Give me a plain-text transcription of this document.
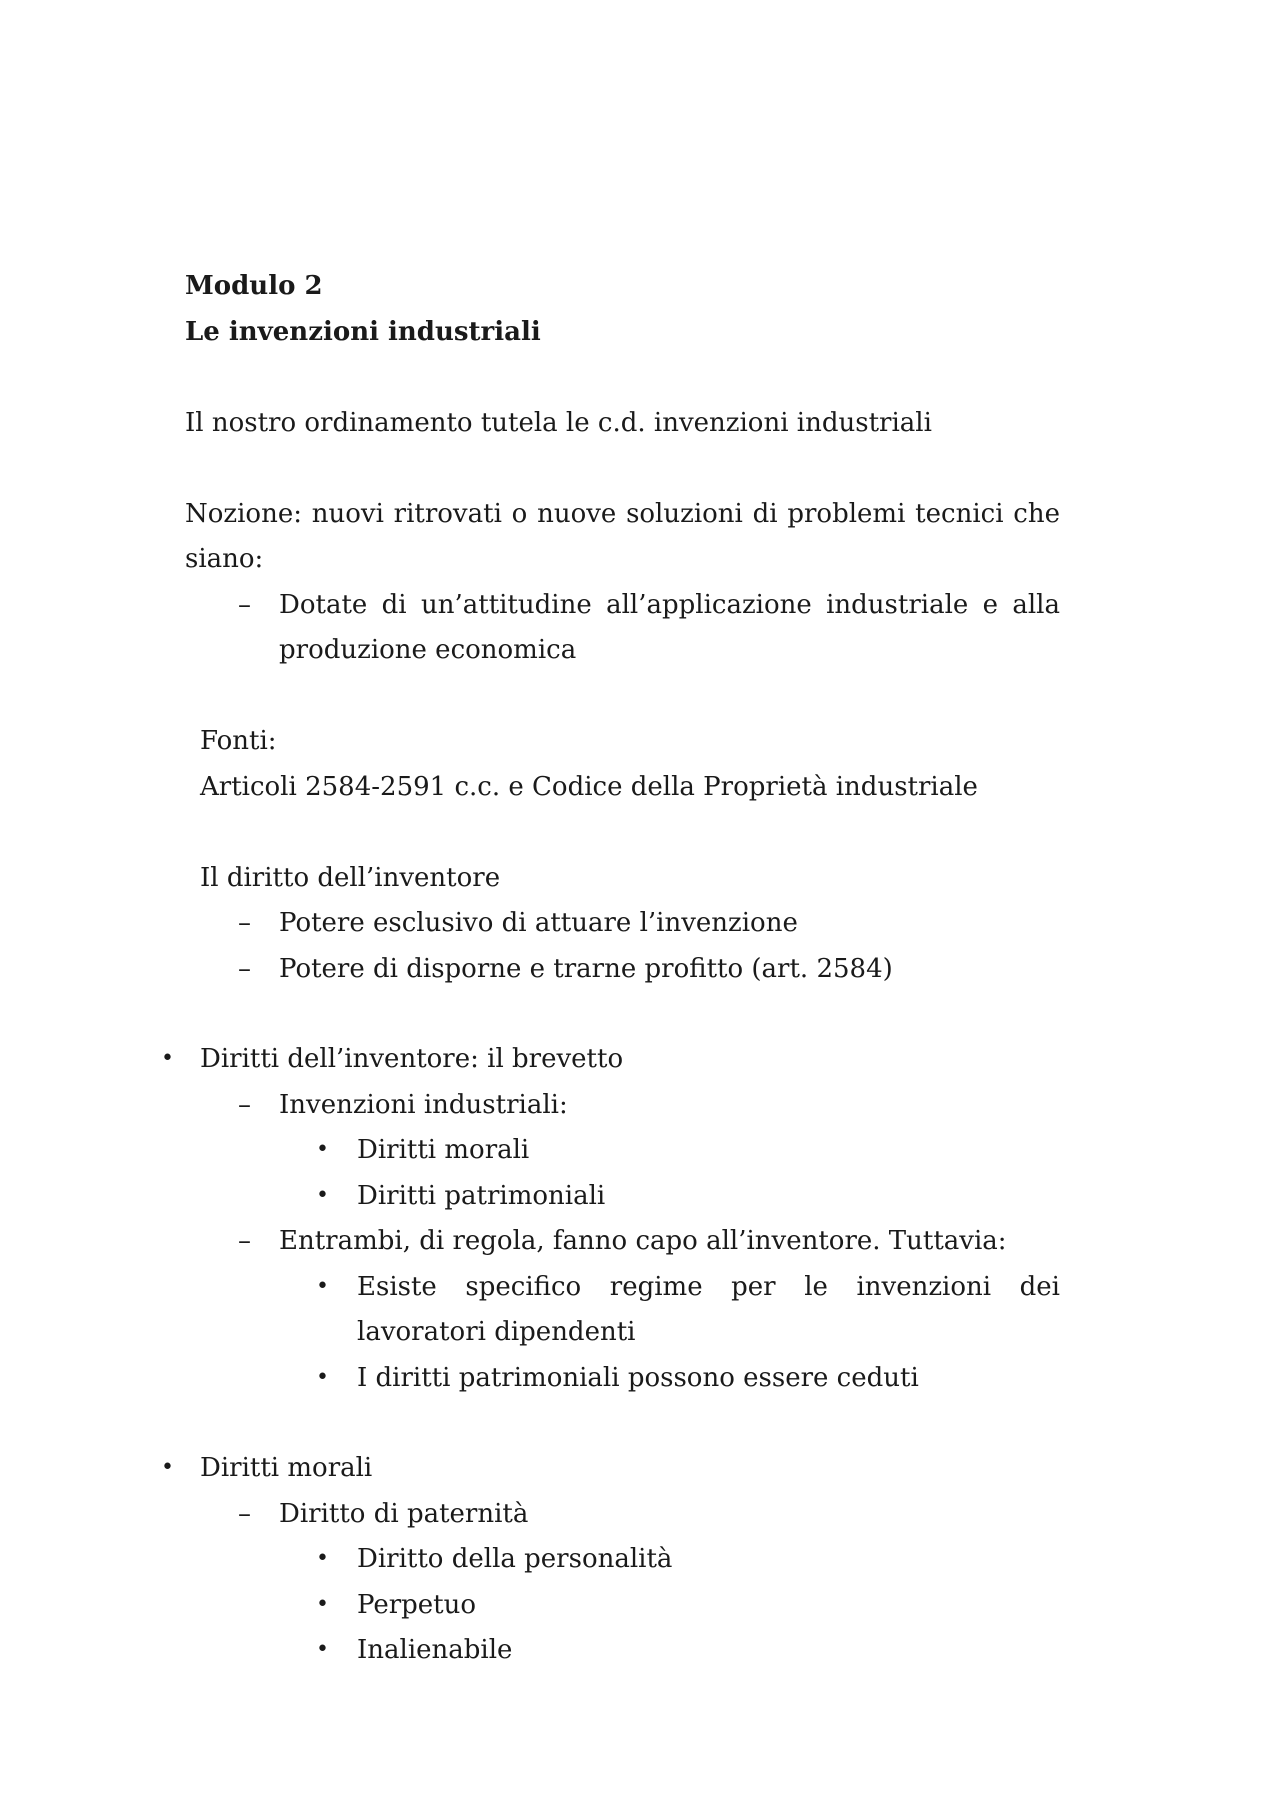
Modulo 2
Le invenzioni industriali
Il nostro ordinamento tutela le c.d. invenzioni industriali
Nozione: nuovi ritrovati o nuove soluzioni di problemi tecnici che
siano:
– Dotate di un’attitudine all’applicazione industriale e alla
produzione economica
Fonti:
Articoli 2584-2591 c.c. e Codice della Proprietà industriale
Il diritto dell’inventore
– Potere esclusivo di attuare l’invenzione
– Potere di disporne e trarne profitto (art. 2584)
• Diritti dell’inventore: il brevetto
– Invenzioni industriali:
• Diritti morali
• Diritti patrimoniali
– Entrambi, di regola, fanno capo all’inventore. Tuttavia:
• Esiste specifico regime per le invenzioni dei
lavoratori dipendenti
• I diritti patrimoniali possono essere ceduti
• Diritti morali
– Diritto di paternità
• Diritto della personalità
• Perpetuo
• Inalienabile
